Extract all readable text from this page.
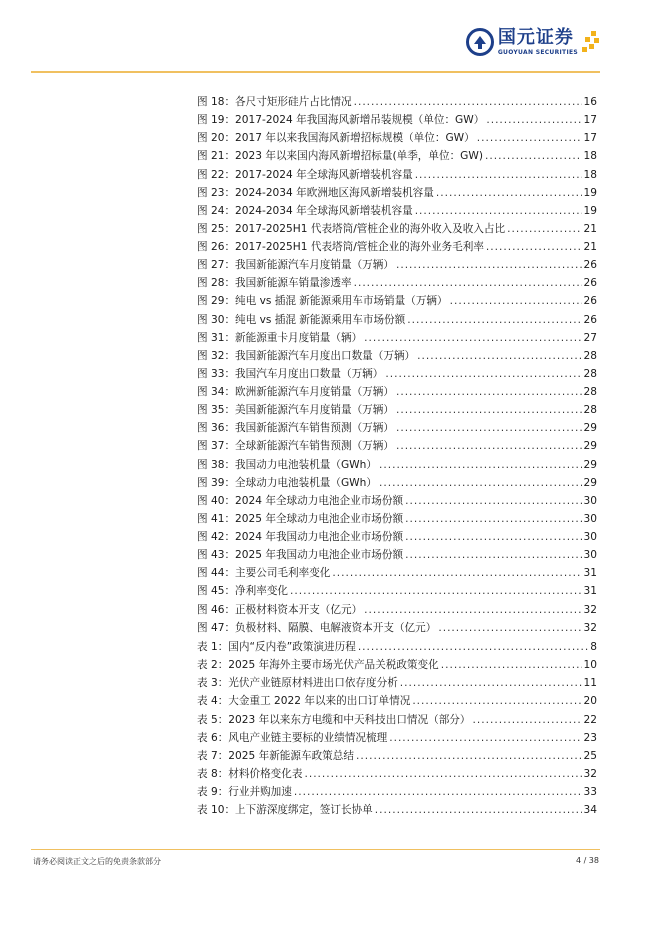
国元证券
GUOYUAN SECURITIES
图 18：各尺寸矩形硅片占比情况 .....	16
图 19：2017-2024 年我国海风新增吊装规模（单位：GW） .....	17
图 20：2017 年以来我国海风新增招标规模（单位：GW） .....	17
图 21：2023 年以来国内海风新增招标量(单季，单位：GW) .....	18
图 22：2017-2024 年全球海风新增装机容量 .....	18
图 23：2024-2034 年欧洲地区海风新增装机容量 .....	19
图 24：2024-2034 年全球海风新增装机容量 .....	19
图 25：2017-2025H1 代表塔筒/管桩企业的海外收入及收入占比 .....	21
图 26：2017-2025H1 代表塔筒/管桩企业的海外业务毛利率 .....	21
图 27：我国新能源汽车月度销量（万辆） .....	26
图 28：我国新能源车销量渗透率 .....	26
图 29：纯电 vs 插混 新能源乘用车市场销量（万辆） .....	26
图 30：纯电 vs 插混 新能源乘用车市场份额 .....	26
图 31：新能源重卡月度销量（辆） .....	27
图 32：我国新能源汽车月度出口数量（万辆） .....	28
图 33：我国汽车月度出口数量（万辆） .....	28
图 34：欧洲新能源汽车月度销量（万辆） .....	28
图 35：美国新能源汽车月度销量（万辆） .....	28
图 36：我国新能源汽车销售预测（万辆） .....	29
图 37：全球新能源汽车销售预测（万辆） .....	29
图 38：我国动力电池装机量（GWh） .....	29
图 39：全球动力电池装机量（GWh） .....	29
图 40：2024 年全球动力电池企业市场份额 .....	30
图 41：2025 年全球动力电池企业市场份额 .....	30
图 42：2024 年我国动力电池企业市场份额 .....	30
图 43：2025 年我国动力电池企业市场份额 .....	30
图 44：主要公司毛利率变化 .....	31
图 45：净利率变化 .....	31
图 46：正极材料资本开支（亿元） .....	32
图 47：负极材料、隔膜、电解液资本开支（亿元） .....	32
表 1：国内“反内卷”政策演进历程 .....	8
表 2：2025 年海外主要市场光伏产品关税政策变化 .....	10
表 3：光伏产业链原材料进出口依存度分析 .....	11
表 4：大金重工 2022 年以来的出口订单情况 .....	20
表 5：2023 年以来东方电缆和中天科技出口情况（部分） .....	22
表 6：风电产业链主要标的业绩情况梳理 .....	23
表 7：2025 年新能源车政策总结 .....	25
表 8：材料价格变化表 .....	32
表 9：行业并购加速 .....	33
表 10：上下游深度绑定，签订长协单 .....	34
请务必阅读正文之后的免责条款部分	4 / 38
